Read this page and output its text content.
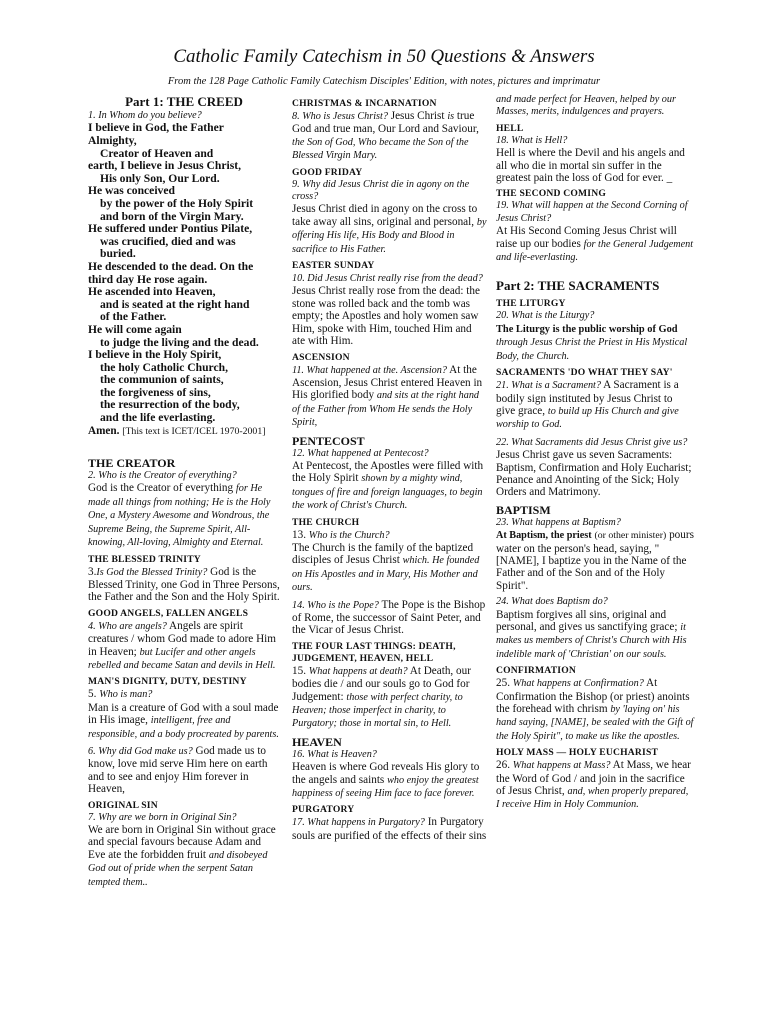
Catholic Family Catechism in 50 Questions & Answers
From the 128 Page Catholic Family Catechism Disciples' Edition, with notes, pictures and imprimatur

Part 1: THE CREED

1. In Whom do you believe?

I believe in God, the Father

Almighty,

Creator of Heaven and

earth, I believe in Jesus Christ,

His only Son, Our Lord.

He was conceived

by the power of the Holy Spirit

and born of the Virgin Mary.

He suffered under Pontius Pilate,

was crucified, died and was

buried.

He descended to the dead. On the

third day He rose again.

He ascended into Heaven,

and is seated at the right hand

of the Father.

He will come again

to judge the living and the dead.

I believe in the Holy Spirit,

the holy Catholic Church,

the communion of saints,

the forgiveness of sins,

the resurrection of the body,

and the life everlasting.

Amen. [This text is ICET/ICEL 1970-2001]

THE CREATOR

2. Who is the Creator of everything?

God is the Creator of everything for He made all things from nothing; He is the Holy One, a Mystery Awesome and Wondrous, the Supreme Being, the Supreme Spirit, All-knowing, All-loving, Almighty and Eternal.

THE BLESSED TRINITY

3.Is God the Blessed Trinity? God is the Blessed Trinity, one God in Three Persons, the Father and the Son and the Holy Spirit.

GOOD ANGELS, FALLEN ANGELS

4. Who are angels? Angels are spirit creatures / whom God made to adore Him in Heaven; but Lucifer and other angels rebelled and became Satan and devils in Hell.

MAN'S DIGNITY, DUTY, DESTINY

5. Who is man?

Man is a creature of God with a soul made in His image, intelligent, free and responsible, and a body procreated by parents.

6. Why did God make us? God made us to know, love mid serve Him here on earth and to see and enjoy Him forever in Heaven,

ORIGINAL SIN

7. Why are we born in Original Sin?

We are born in Original Sin without grace and special favours because Adam and Eve ate the forbidden fruit and disobeyed God out of pride when the serpent Satan tempted them..

CHRISTMAS & INCARNATION

8. Who is Jesus Christ? Jesus Christ is true God and true man, Our Lord and Saviour, the Son of God, Who became the Son of the Blessed Virgin Mary.

GOOD FRIDAY

9. Why did Jesus Christ die in agony on the cross?

Jesus Christ died in agony on the cross to take away all sins, original and personal, by offering His life, His Body and Blood in sacrifice to His Father.

EASTER SUNDAY

10. Did Jesus Christ really rise from the dead? Jesus Christ really rose from the dead: the stone was rolled back and the tomb was empty; the Apostles and holy women saw Him, spoke with Him, touched Him and ate with Him.

ASCENSION

11. What happened at the. Ascension? At the Ascension, Jesus Christ entered Heaven in His glorified body and sits at the right hand of the Father from Whom He sends the Holy Spirit,

PENTECOST

12. What happened at Pentecost?

At Pentecost, the Apostles were filled with the Holy Spirit shown by a mighty wind, tongues of fire and foreign languages, to begin the work of Christ's Church.

THE CHURCH

13. Who is the Church?

The Church is the family of the baptized disciples of Jesus Christ which. He founded on His Apostles and in Mary, His Mother and ours.

14. Who is the Pope? The Pope is the Bishop of Rome, the successor of Saint Peter, and the Vicar of Jesus Christ.

THE FOUR LAST THINGS: DEATH, JUDGEMENT, HEAVEN, HELL

15. What happens at death? At Death, our bodies die / and our souls go to God for Judgement: those with perfect charity, to Heaven; those imperfect in charity, to Purgatory; those in mortal sin, to Hell.

HEAVEN

16. What is Heaven?

Heaven is where God reveals His glory to the angels and saints who enjoy the greatest happiness of seeing Him face to face forever.

PURGATORY

17. What happens in Purgatory? In Purgatory souls are purified of the effects of their sins

and made perfect for Heaven, helped by our Masses, merits, indulgences and prayers.

HELL

18. What is Hell?

Hell is where the Devil and his angels and all who die in mortal sin suffer in the greatest pain the loss of God for ever. _

THE SECOND COMING

19. What will happen at the Second Corning of Jesus Christ?

At His Second Coming Jesus Christ will raise up our bodies for the General Judgement and life-everlasting.

Part 2: THE SACRAMENTS

THE LITURGY

20. What is the Liturgy?

The Liturgy is the public worship of God through Jesus Christ the Priest in His Mystical Body, the Church.

SACRAMENTS 'DO WHAT THEY SAY'

21. What is a Sacrament? A Sacrament is a bodily sign instituted by Jesus Christ to give grace, to build up His Church and give worship to God.

22. What Sacraments did Jesus Christ give us? Jesus Christ gave us seven Sacraments: Baptism, Confirmation and Holy Eucharist; Penance and Anointing of the Sick; Holy Orders and Matrimony.

BAPTISM

23. What happens at Baptism?

At Baptism, the priest (or other minister) pours water on the person's head, saying, "[NAME], I baptize you in the Name of the Father and of the Son and of the Holy Spirit".

24. What does Baptism do?

Baptism forgives all sins, original and personal, and gives us sanctifying grace; it makes us members of Christ's Church with His indelible mark of 'Christian' on our souls.

CONFIRMATION

25. What happens at Confirmation? At Confirmation the Bishop (or priest) anoints the forehead with chrism by 'laying on' his hand saying, [NAME], be sealed with the Gift of the Holy Spirit", to make us like the apostles.

HOLY MASS — HOLY EUCHARIST

26. What happens at Mass? At Mass, we hear the Word of God / and join in the sacrifice of Jesus Christ, and, when properly prepared, I receive Him in Holy Communion.
